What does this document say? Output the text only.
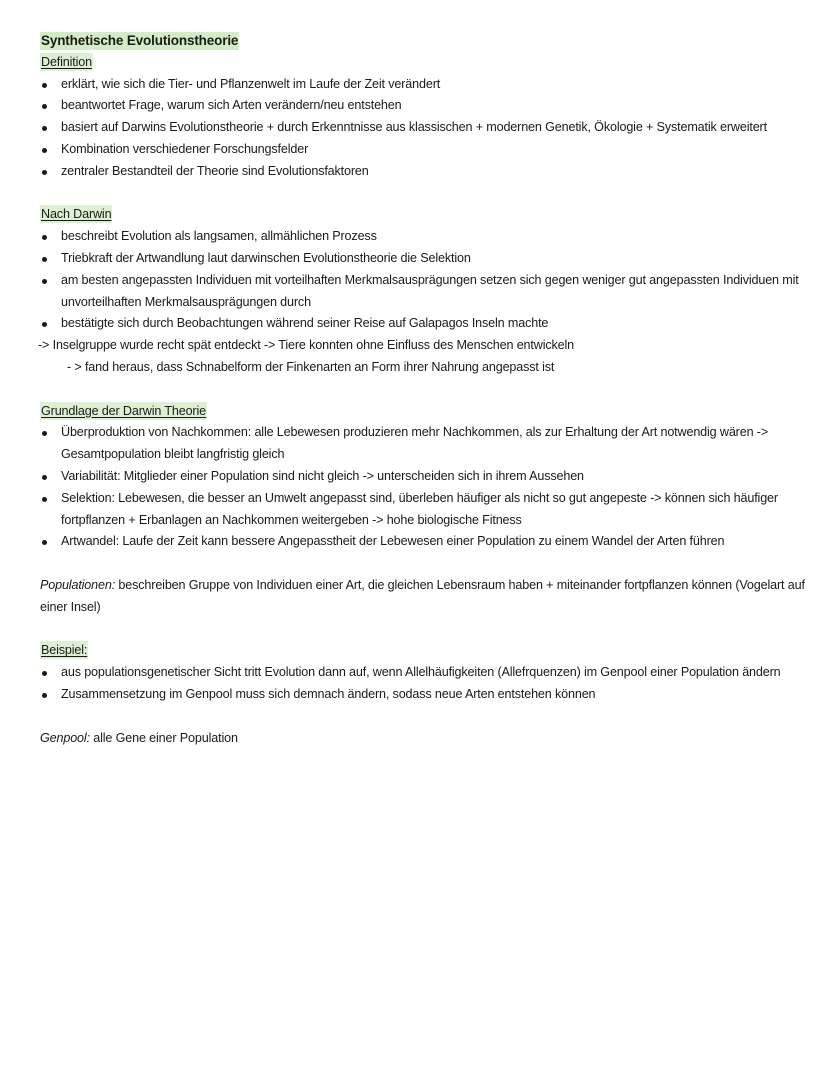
Synthetische Evolutionstheorie
Definition
erklärt, wie sich die Tier- und Pflanzenwelt im Laufe der Zeit verändert
beantwortet Frage, warum sich Arten verändern/neu entstehen
basiert auf Darwins Evolutionstheorie + durch Erkenntnisse aus klassischen + modernen Genetik, Ökologie + Systematik erweitert
Kombination verschiedener Forschungsfelder
zentraler Bestandteil der Theorie sind Evolutionsfaktoren
Nach Darwin
beschreibt Evolution als langsamen, allmählichen Prozess
Triebkraft der Artwandlung laut darwinschen Evolutionstheorie die Selektion
am besten angepassten Individuen mit vorteilhaften Merkmalsausprägungen setzen sich gegen weniger gut angepassten Individuen mit unvorteilhaften Merkmalsausprägungen durch
bestätigte sich durch Beobachtungen während seiner Reise auf Galapagos Inseln machte
-> Inselgruppe wurde recht spät entdeckt -> Tiere konnten ohne Einfluss des Menschen entwickeln
- > fand heraus, dass Schnabelform der Finkenarten an Form ihrer Nahrung angepasst ist
Grundlage der Darwin Theorie
Überproduktion von Nachkommen: alle Lebewesen produzieren mehr Nachkommen, als zur Erhaltung der Art notwendig wären -> Gesamtpopulation bleibt langfristig gleich
Variabilität: Mitglieder einer Population sind nicht gleich -> unterscheiden sich in ihrem Aussehen
Selektion: Lebewesen, die besser an Umwelt angepasst sind, überleben häufiger als nicht so gut angepeste -> können sich häufiger fortpflanzen + Erbanlagen an Nachkommen weitergeben -> hohe biologische Fitness
Artwandel: Laufe der Zeit kann bessere Angepasstheit der Lebewesen einer Population zu einem Wandel der Arten führen

Populationen: beschreiben Gruppe von Individuen einer Art, die gleichen Lebensraum haben + miteinander fortpflanzen können (Vogelart auf einer Insel)

Beispiel:
aus populationsgenetischer Sicht tritt Evolution dann auf, wenn Allelhäufigkeiten (Allefrquenzen) im Genpool einer Population ändern
Zusammensetzung im Genpool muss sich demnach ändern, sodass neue Arten entstehen können

Genpool: alle Gene einer Population
